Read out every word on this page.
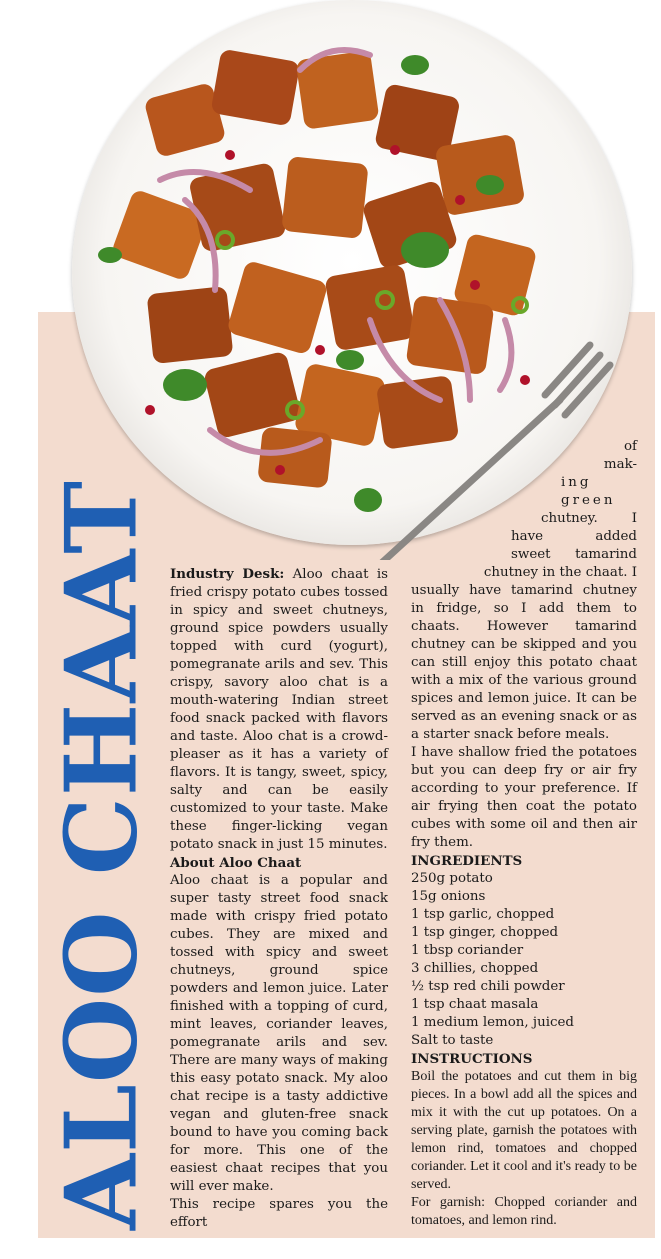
ALOO CHAAT Industry Desk: Aloo chaat is fried crispy potato cubes tossed in spicy and sweet chutneys, ground spice powders usually topped with curd (yogurt), pomegranate arils and sev. This crispy, savory aloo chat is a mouth-watering Indian street food snack packed with flavors and taste. Aloo chat is a crowd-pleaser as it has a variety of flavors. It is tangy, sweet, spicy, salty and can be easily customized to your taste. Make these finger-licking vegan potato snack in just 15 minutes.

About Aloo Chaat

Aloo chaat is a popular and super tasty street food snack made with crispy fried potato cubes. They are mixed and tossed with spicy and sweet chutneys, ground spice powders and lemon juice. Later finished with a topping of curd, mint leaves, coriander leaves, pomegranate arils and sev. There are many ways of making this easy potato snack. My aloo chat recipe is a tasty addictive vegan and gluten-free snack bound to have you coming back for more. This one of the easiest chaat recipes that you will ever make.

This recipe spares you the effort

of

mak-

ing

green

chutney. I

have added

sweet tamarind

chutney in the chaat. I

usually have tamarind chutney in fridge, so I add them to chaats. However tamarind chutney can be skipped and you can still enjoy this potato chaat with a mix of the various ground spices and lemon juice. It can be served as an evening snack or as a starter snack before meals.

I have shallow fried the potatoes but you can deep fry or air fry according to your preference. If air frying then coat the potato cubes with some oil and then air fry them.

INGREDIENTS

250g potato

15g onions

1 tsp garlic, chopped

1 tsp ginger, chopped

1 tbsp coriander

3 chillies, chopped

½ tsp red chili powder

1 tsp chaat masala

1 medium lemon, juiced

Salt to taste

INSTRUCTIONS

Boil the potatoes and cut them in big pieces. In a bowl add all the spices and mix it with the cut up potatoes. On a serving plate, garnish the potatoes with lemon rind, tomatoes and chopped coriander. Let it cool and it's ready to be served.

For garnish: Chopped coriander and tomatoes, and lemon rind.
